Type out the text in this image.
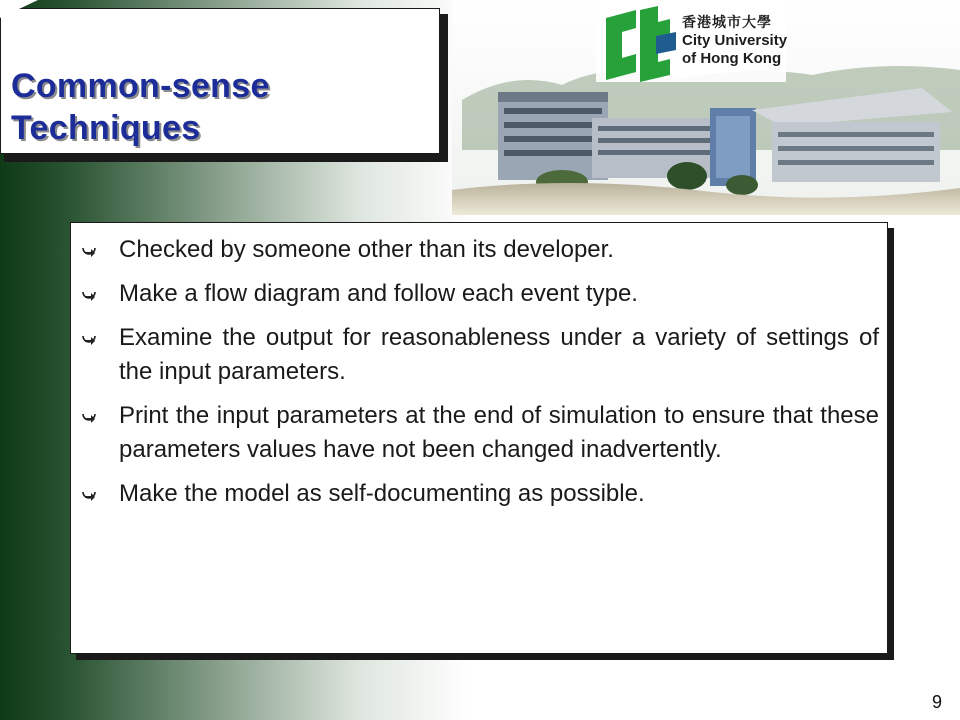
Common-sense
Techniques
香港城市大學
City University
of Hong Kong
Checked by someone other than its developer.
Make a flow diagram and follow each event type.
Examine the output for reasonableness under a variety of settings of the input parameters.
Print the input parameters at the end of simulation to ensure that these parameters values have not been changed inadvertently.
Make the model as self-documenting as possible.
9
